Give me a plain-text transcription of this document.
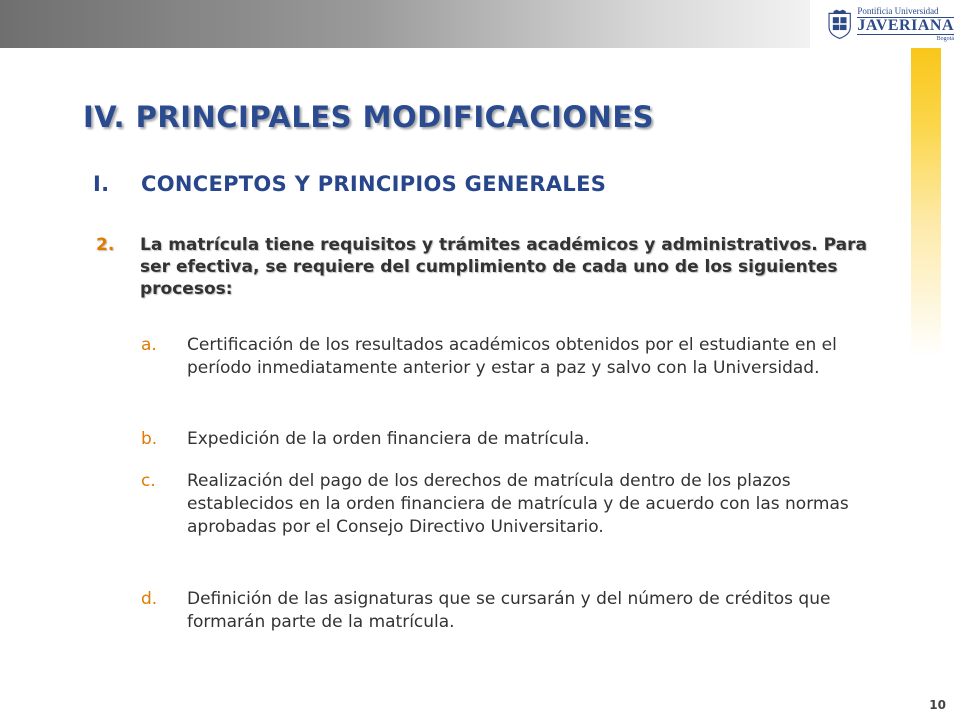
Pontificia Universidad
JAVERIANA
Bogotá
IV. PRINCIPALES MODIFICACIONES
I. CONCEPTOS Y PRINCIPIOS GENERALES
2. La matrícula tiene requisitos y trámites académicos y administrativos. Para ser efectiva, se requiere del cumplimiento de cada uno de los siguientes procesos:
a. Certificación de los resultados académicos obtenidos por el estudiante en el período inmediatamente anterior y estar a paz y salvo con la Universidad.
b. Expedición de la orden financiera de matrícula.
c. Realización del pago de los derechos de matrícula dentro de los plazos establecidos en la orden financiera de matrícula y de acuerdo con las normas aprobadas por el Consejo Directivo Universitario.
d. Definición de las asignaturas que se cursarán y del número de créditos que formarán parte de la matrícula.
10
